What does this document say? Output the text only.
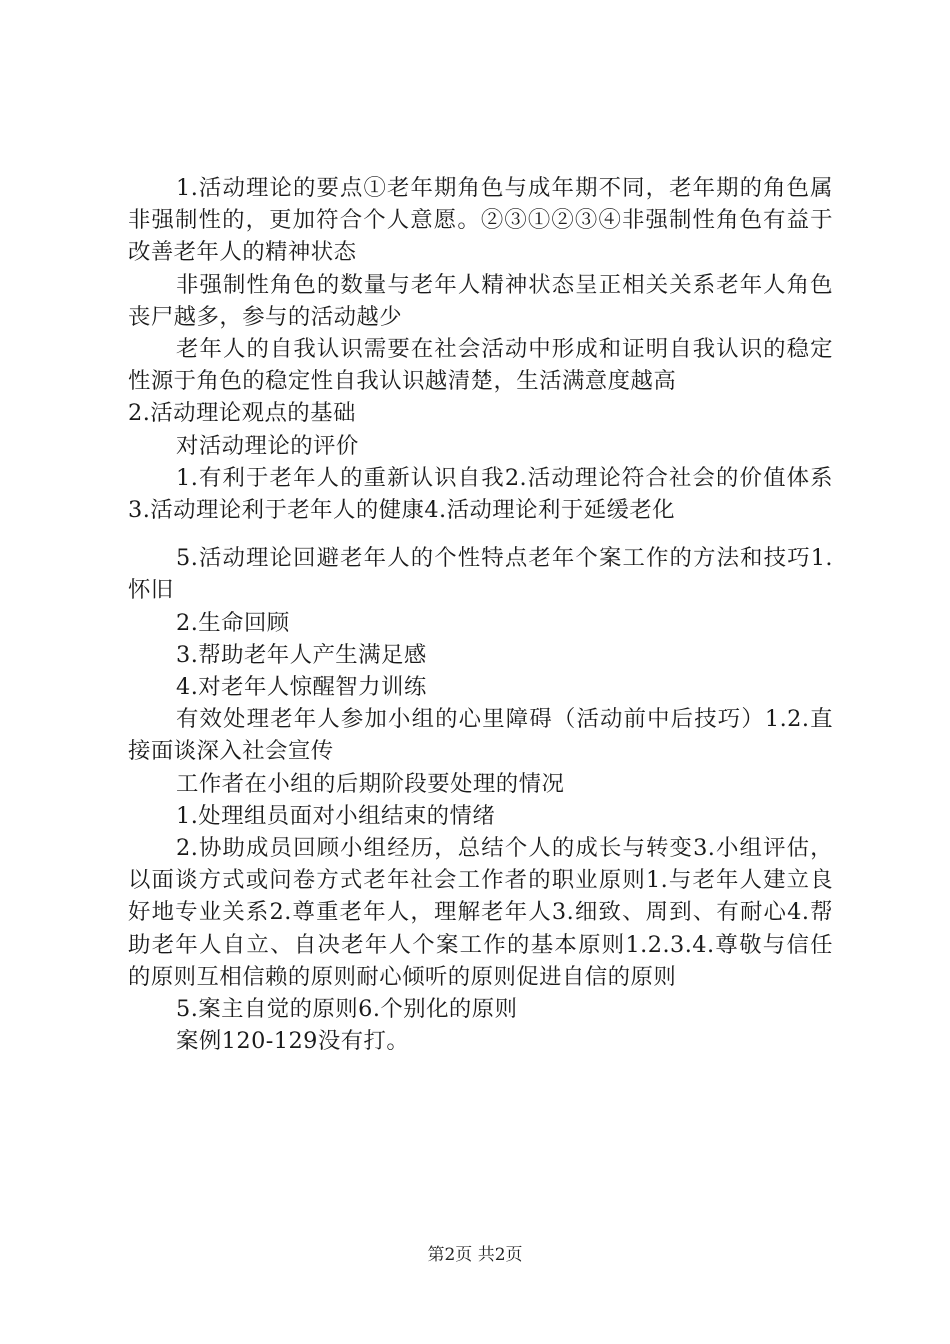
1.活动理论的要点①老年期角色与成年期不同，老年期的角色属非强制性的，更加符合个人意愿。②③①②③④非强制性角色有益于改善老年人的精神状态

非强制性角色的数量与老年人精神状态呈正相关关系老年人角色丧尸越多，参与的活动越少

老年人的自我认识需要在社会活动中形成和证明自我认识的稳定性源于角色的稳定性自我认识越清楚，生活满意度越高

2.活动理论观点的基础

对活动理论的评价

1.有利于老年人的重新认识自我2.活动理论符合社会的价值体系3.活动理论利于老年人的健康4.活动理论利于延缓老化

5.活动理论回避老年人的个性特点老年个案工作的方法和技巧1.怀旧

2.生命回顾

3.帮助老年人产生满足感

4.对老年人惊醒智力训练

有效处理老年人参加小组的心里障碍（活动前中后技巧）1.2.直接面谈深入社会宣传

工作者在小组的后期阶段要处理的情况

1.处理组员面对小组结束的情绪

2.协助成员回顾小组经历，总结个人的成长与转变3.小组评估，以面谈方式或问卷方式老年社会工作者的职业原则1.与老年人建立良好地专业关系2.尊重老年人，理解老年人3.细致、周到、有耐心4.帮助老年人自立、自决老年人个案工作的基本原则1.2.3.4.尊敬与信任的原则互相信赖的原则耐心倾听的原则促进自信的原则

5.案主自觉的原则6.个别化的原则

案例120-129没有打。

第2页 共2页
